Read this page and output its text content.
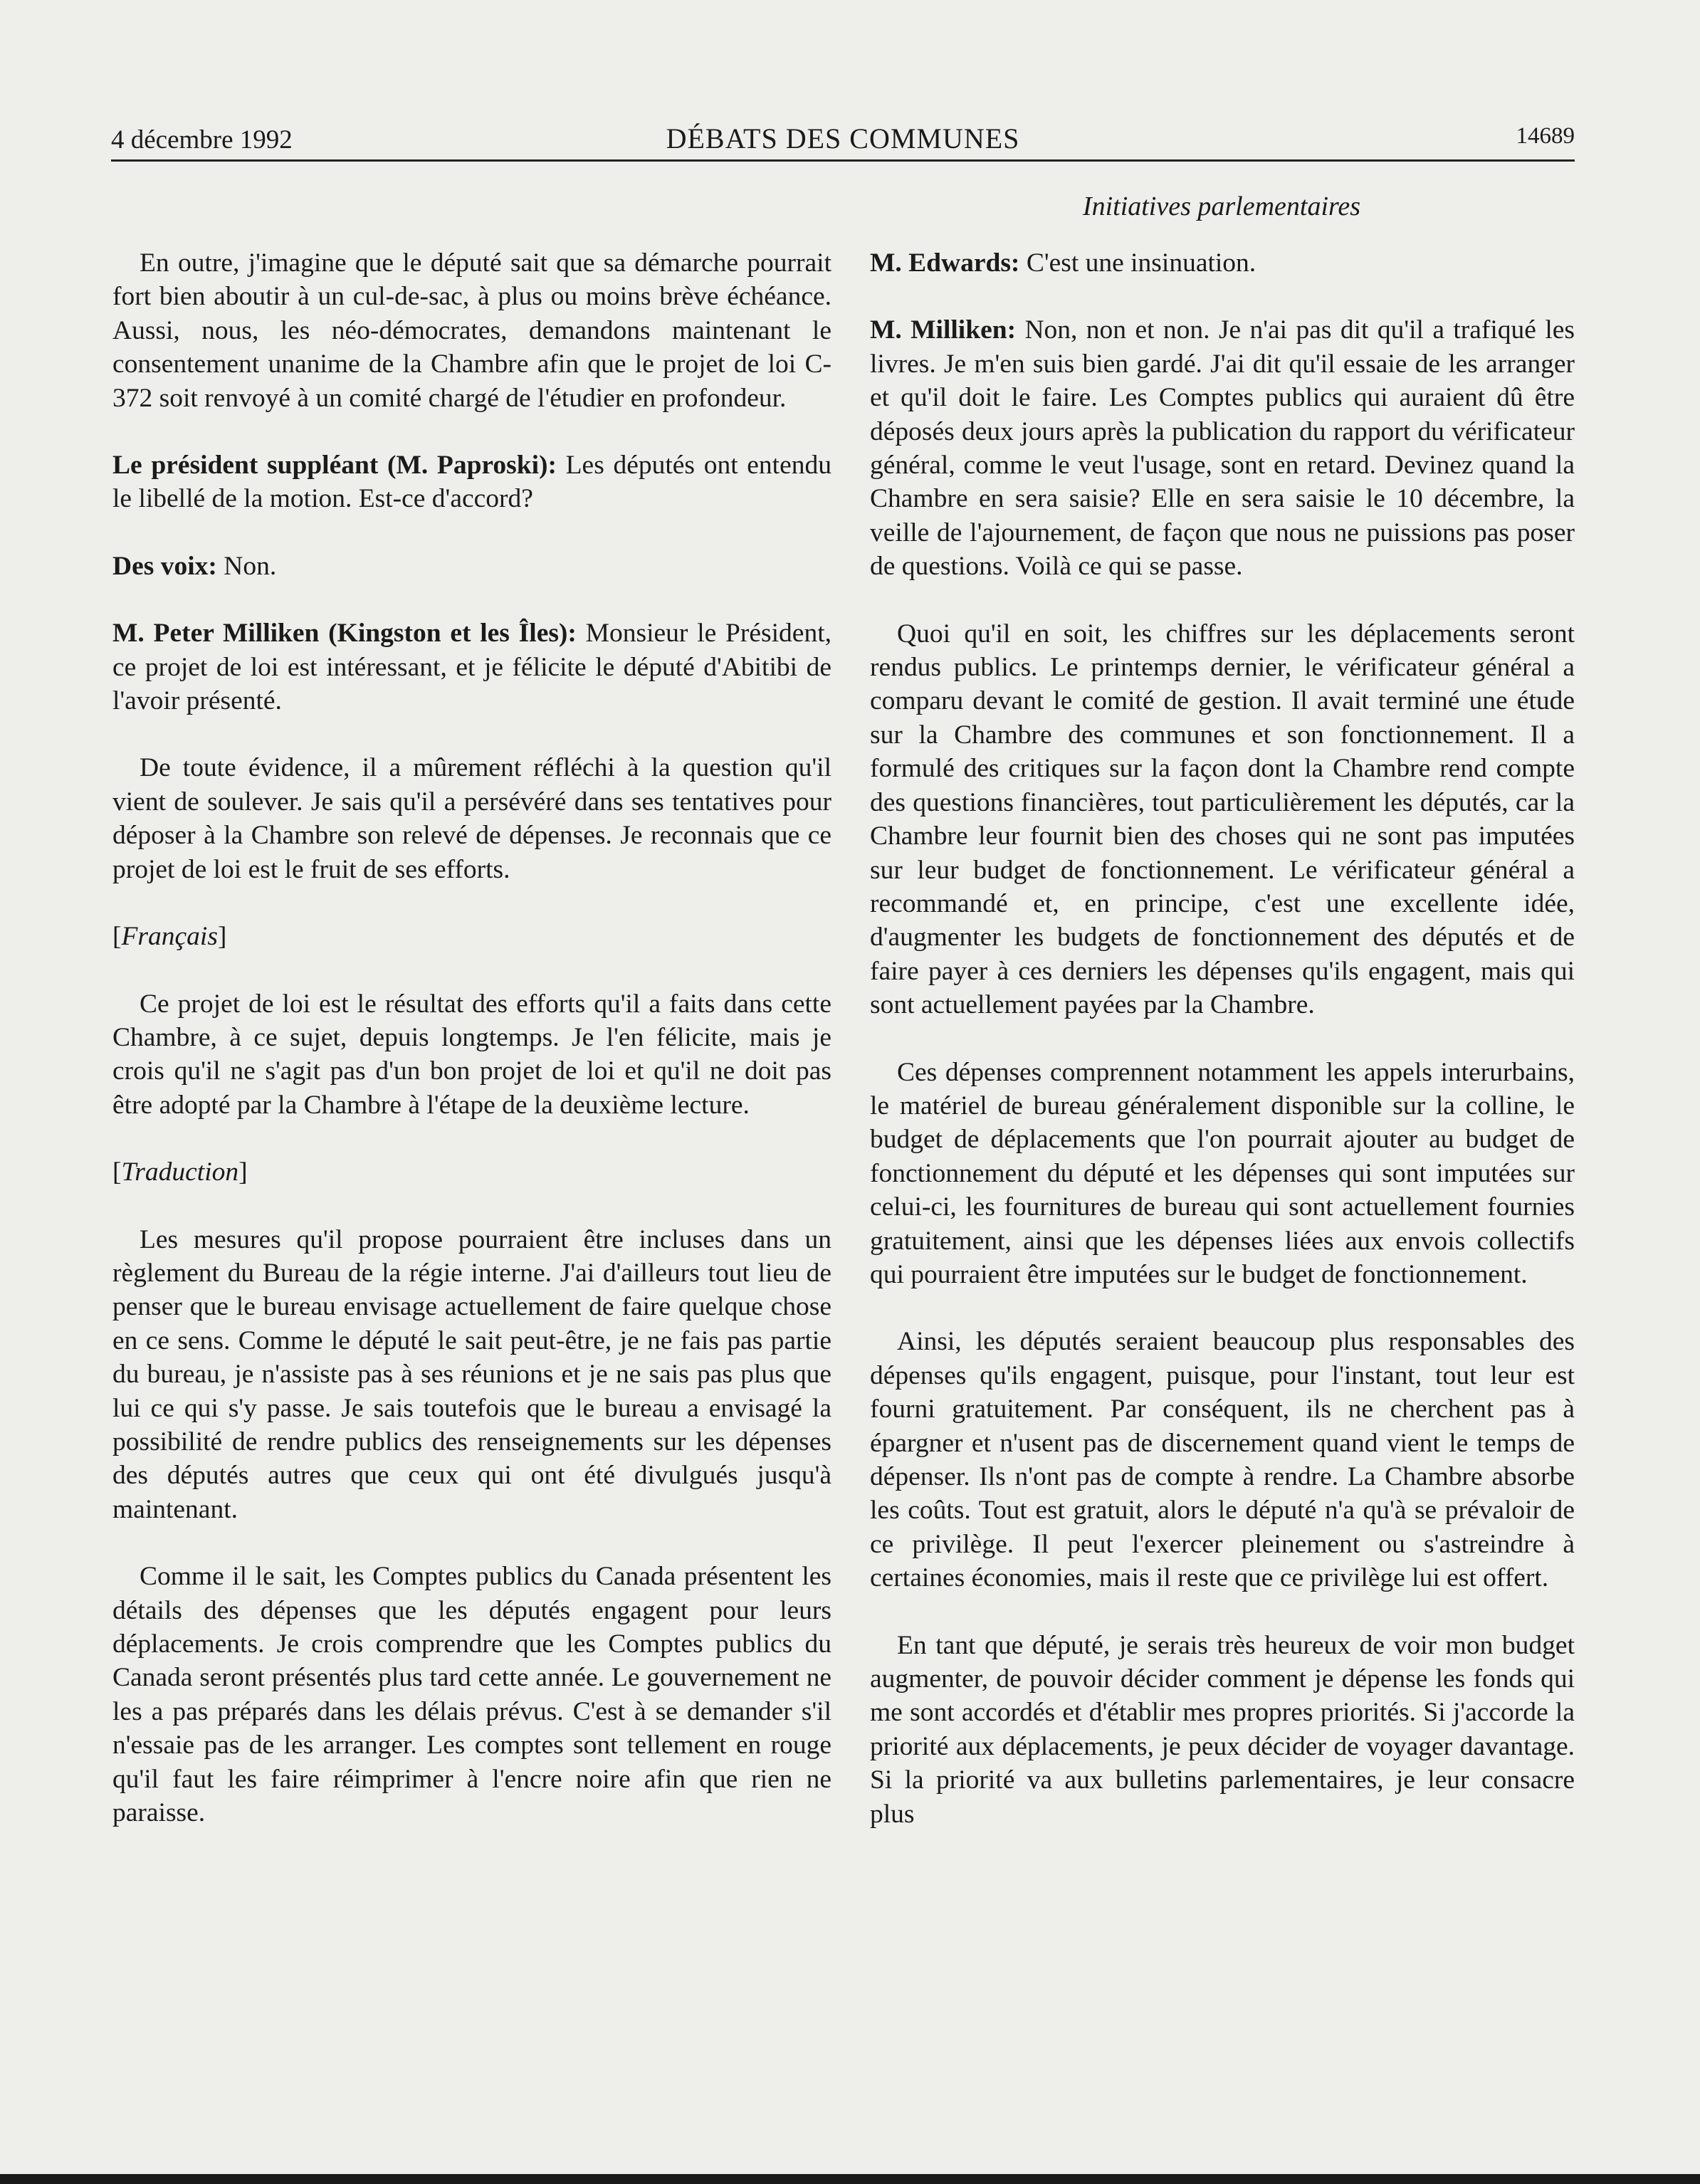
4 décembre 1992	DÉBATS DES COMMUNES	14689
Initiatives parlementaires

En outre, j'imagine que le député sait que sa démarche pourrait fort bien aboutir à un cul-de-sac, à plus ou moins brève échéance. Aussi, nous, les néo-démocrates, demandons maintenant le consentement unanime de la Chambre afin que le projet de loi C-372 soit renvoyé à un comité chargé de l'étudier en profondeur.

Le président suppléant (M. Paproski): Les députés ont entendu le libellé de la motion. Est-ce d'accord?

Des voix: Non.

M. Peter Milliken (Kingston et les Îles): Monsieur le Président, ce projet de loi est intéressant, et je félicite le député d'Abitibi de l'avoir présenté.

De toute évidence, il a mûrement réfléchi à la question qu'il vient de soulever. Je sais qu'il a persévéré dans ses tentatives pour déposer à la Chambre son relevé de dépenses. Je reconnais que ce projet de loi est le fruit de ses efforts.

[Français]

Ce projet de loi est le résultat des efforts qu'il a faits dans cette Chambre, à ce sujet, depuis longtemps. Je l'en félicite, mais je crois qu'il ne s'agit pas d'un bon projet de loi et qu'il ne doit pas être adopté par la Chambre à l'étape de la deuxième lecture.

[Traduction]

Les mesures qu'il propose pourraient être incluses dans un règlement du Bureau de la régie interne. J'ai d'ailleurs tout lieu de penser que le bureau envisage actuellement de faire quelque chose en ce sens. Comme le député le sait peut-être, je ne fais pas partie du bureau, je n'assiste pas à ses réunions et je ne sais pas plus que lui ce qui s'y passe. Je sais toutefois que le bureau a envisagé la possibilité de rendre publics des renseignements sur les dépenses des députés autres que ceux qui ont été divulgués jusqu'à maintenant.

Comme il le sait, les Comptes publics du Canada présentent les détails des dépenses que les députés engagent pour leurs déplacements. Je crois comprendre que les Comptes publics du Canada seront présentés plus tard cette année. Le gouvernement ne les a pas préparés dans les délais prévus. C'est à se demander s'il n'essaie pas de les arranger. Les comptes sont tellement en rouge qu'il faut les faire réimprimer à l'encre noire afin que rien ne paraisse.

M. Edwards: C'est une insinuation.

M. Milliken: Non, non et non. Je n'ai pas dit qu'il a trafiqué les livres. Je m'en suis bien gardé. J'ai dit qu'il essaie de les arranger et qu'il doit le faire. Les Comptes publics qui auraient dû être déposés deux jours après la publication du rapport du vérificateur général, comme le veut l'usage, sont en retard. Devinez quand la Chambre en sera saisie? Elle en sera saisie le 10 décembre, la veille de l'ajournement, de façon que nous ne puissions pas poser de questions. Voilà ce qui se passe.

Quoi qu'il en soit, les chiffres sur les déplacements seront rendus publics. Le printemps dernier, le vérificateur général a comparu devant le comité de gestion. Il avait terminé une étude sur la Chambre des communes et son fonctionnement. Il a formulé des critiques sur la façon dont la Chambre rend compte des questions financières, tout particulièrement les députés, car la Chambre leur fournit bien des choses qui ne sont pas imputées sur leur budget de fonctionnement. Le vérificateur général a recommandé et, en principe, c'est une excellente idée, d'augmenter les budgets de fonctionnement des députés et de faire payer à ces derniers les dépenses qu'ils engagent, mais qui sont actuellement payées par la Chambre.

Ces dépenses comprennent notamment les appels interurbains, le matériel de bureau généralement disponible sur la colline, le budget de déplacements que l'on pourrait ajouter au budget de fonctionnement du député et les dépenses qui sont imputées sur celui-ci, les fournitures de bureau qui sont actuellement fournies gratuitement, ainsi que les dépenses liées aux envois collectifs qui pourraient être imputées sur le budget de fonctionnement.

Ainsi, les députés seraient beaucoup plus responsables des dépenses qu'ils engagent, puisque, pour l'instant, tout leur est fourni gratuitement. Par conséquent, ils ne cherchent pas à épargner et n'usent pas de discernement quand vient le temps de dépenser. Ils n'ont pas de compte à rendre. La Chambre absorbe les coûts. Tout est gratuit, alors le député n'a qu'à se prévaloir de ce privilège. Il peut l'exercer pleinement ou s'astreindre à certaines économies, mais il reste que ce privilège lui est offert.

En tant que député, je serais très heureux de voir mon budget augmenter, de pouvoir décider comment je dépense les fonds qui me sont accordés et d'établir mes propres priorités. Si j'accorde la priorité aux déplacements, je peux décider de voyager davantage. Si la priorité va aux bulletins parlementaires, je leur consacre plus
